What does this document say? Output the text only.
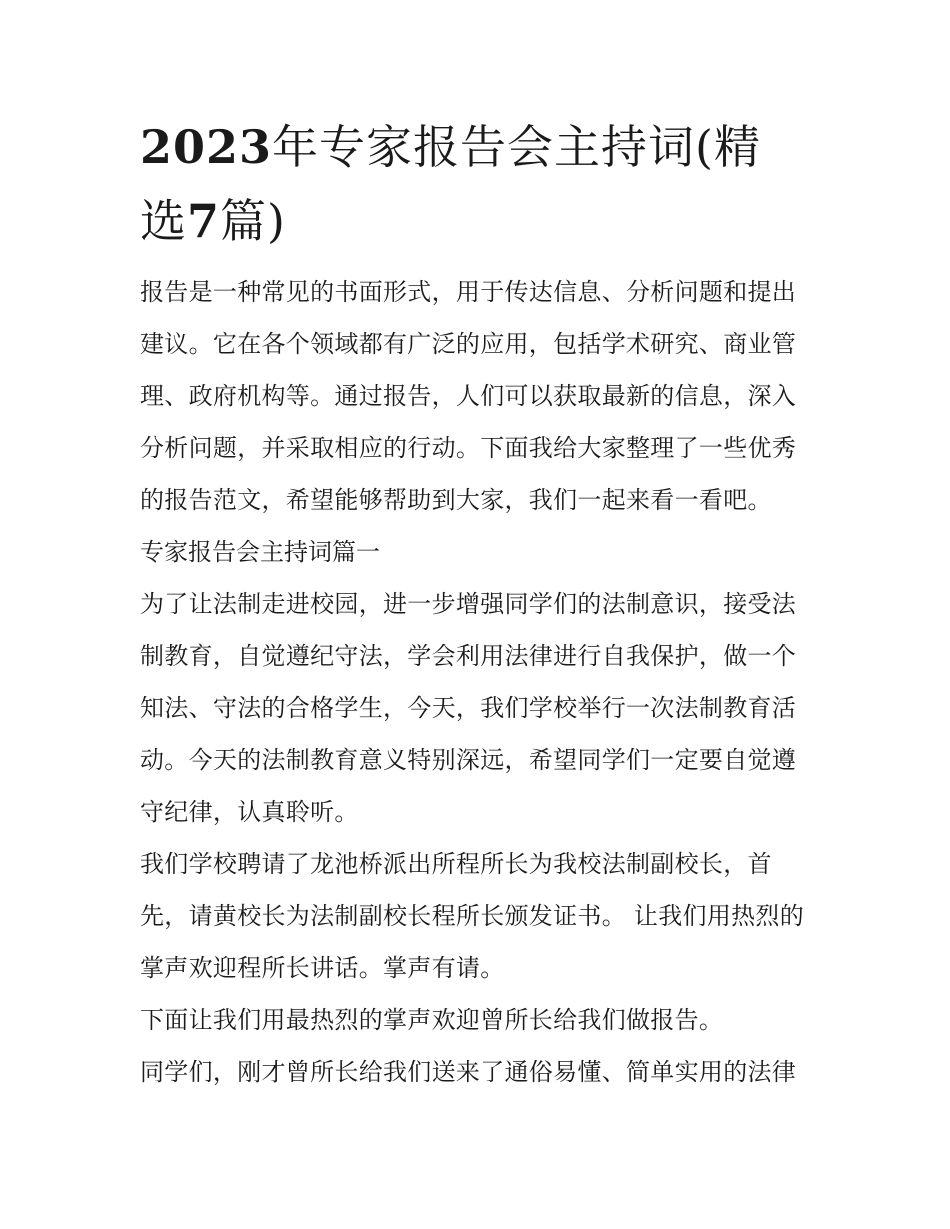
2023年专家报告会主持词(精选7篇)

报告是一种常见的书面形式，用于传达信息、分析问题和提出建议。它在各个领域都有广泛的应用，包括学术研究、商业管理、政府机构等。通过报告，人们可以获取最新的信息，深入分析问题，并采取相应的行动。下面我给大家整理了一些优秀的报告范文，希望能够帮助到大家，我们一起来看一看吧。

专家报告会主持词篇一

为了让法制走进校园，进一步增强同学们的法制意识，接受法制教育，自觉遵纪守法，学会利用法律进行自我保护，做一个知法、守法的合格学生，今天，我们学校举行一次法制教育活动。今天的法制教育意义特别深远，希望同学们一定要自觉遵守纪律，认真聆听。

我们学校聘请了龙池桥派出所程所长为我校法制副校长，首先，请黄校长为法制副校长程所长颁发证书。 让我们用热烈的掌声欢迎程所长讲话。掌声有请。

下面让我们用最热烈的掌声欢迎曾所长给我们做报告。

同学们，刚才曾所长给我们送来了通俗易懂、简单实用的法律
